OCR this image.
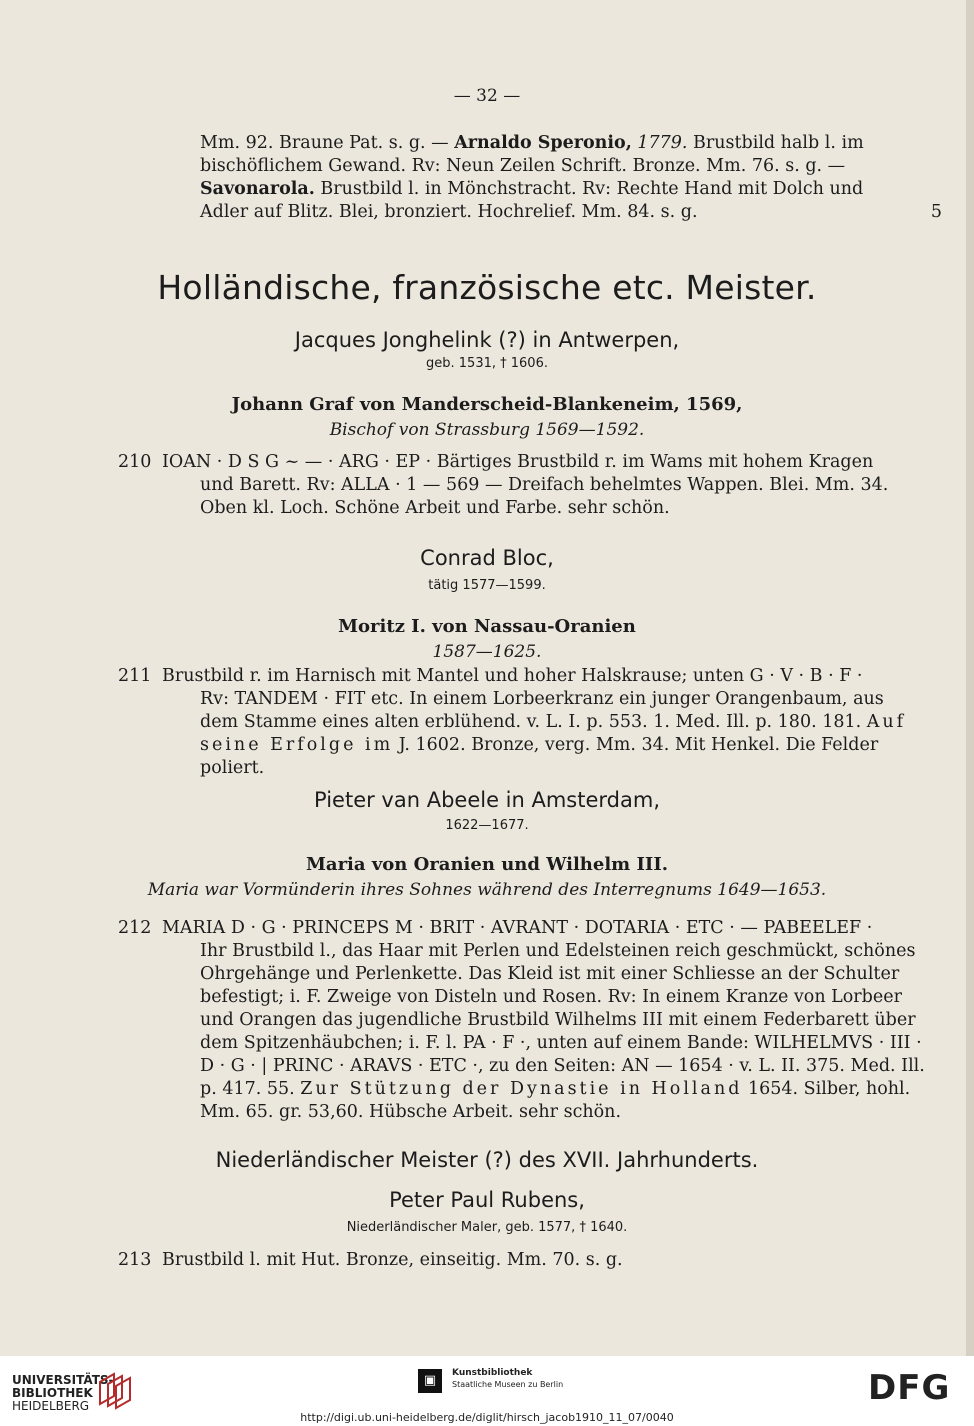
— 32 —
Mm. 92. Braune Pat. s. g. — Arnaldo Speronio, 1779. Brustbild halb l. im
bischöflichem Gewand. Rv: Neun Zeilen Schrift. Bronze. Mm. 76. s. g. —
Savonarola. Brustbild l. in Mönchstracht. Rv: Rechte Hand mit Dolch und
Adler auf Blitz. Blei, bronziert. Hochrelief. Mm. 84. s. g.	5
Holländische, französische etc. Meister.
Jacques Jonghelink (?) in Antwerpen,
geb. 1531, † 1606.
Johann Graf von Manderscheid-Blankeneim, 1569,
Bischof von Strassburg 1569—1592.
210 IOAN · D S G ~ — · ARG · EP · Bärtiges Brustbild r. im Wams mit hohem Kragen
und Barett. Rv: ALLA · 1 — 569 — Dreifach behelmtes Wappen. Blei. Mm. 34.
Oben kl. Loch. Schöne Arbeit und Farbe. sehr schön.
Conrad Bloc,
tätig 1577—1599.
Moritz I. von Nassau-Oranien
1587—1625.
211 Brustbild r. im Harnisch mit Mantel und hoher Halskrause; unten G · V · B · F ·
Rv: TANDEM · FIT etc. In einem Lorbeerkranz ein junger Orangenbaum, aus
dem Stamme eines alten erblühend. v. L. I. p. 553. 1. Med. Ill. p. 180. 181. Auf
seine Erfolge im J. 1602. Bronze, verg. Mm. 34. Mit Henkel. Die Felder
poliert.
Pieter van Abeele in Amsterdam,
1622—1677.
Maria von Oranien und Wilhelm III.
Maria war Vormünderin ihres Sohnes während des Interregnums 1649—1653.
212 MARIA D · G · PRINCEPS M · BRIT · AVRANT · DOTARIA · ETC · — PABEELEF ·
Ihr Brustbild l., das Haar mit Perlen und Edelsteinen reich geschmückt, schönes
Ohrgehänge und Perlenkette. Das Kleid ist mit einer Schliesse an der Schulter
befestigt; i. F. Zweige von Disteln und Rosen. Rv: In einem Kranze von Lorbeer
und Orangen das jugendliche Brustbild Wilhelms III mit einem Federbarett über
dem Spitzenhäubchen; i. F. l. PA · F ·, unten auf einem Bande: WILHELMVS · III ·
D · G · | PRINC · ARAVS · ETC ·, zu den Seiten: AN — 1654 · v. L. II. 375. Med. Ill.
p. 417. 55. Zur Stützung der Dynastie in Holland 1654. Silber, hohl.
Mm. 65. gr. 53,60. Hübsche Arbeit. sehr schön.
Niederländischer Meister (?) des XVII. Jahrhunderts.
Peter Paul Rubens,
Niederländischer Maler, geb. 1577, † 1640.
213 Brustbild l. mit Hut. Bronze, einseitig. Mm. 70. s. g.
UNIVERSITÄTS-
BIBLIOTHEK
HEIDELBERG
▣	Kunstbibliothek
Staatliche Museen zu Berlin	DFG
http://digi.ub.uni-heidelberg.de/diglit/hirsch_jacob1910_11_07/0040
